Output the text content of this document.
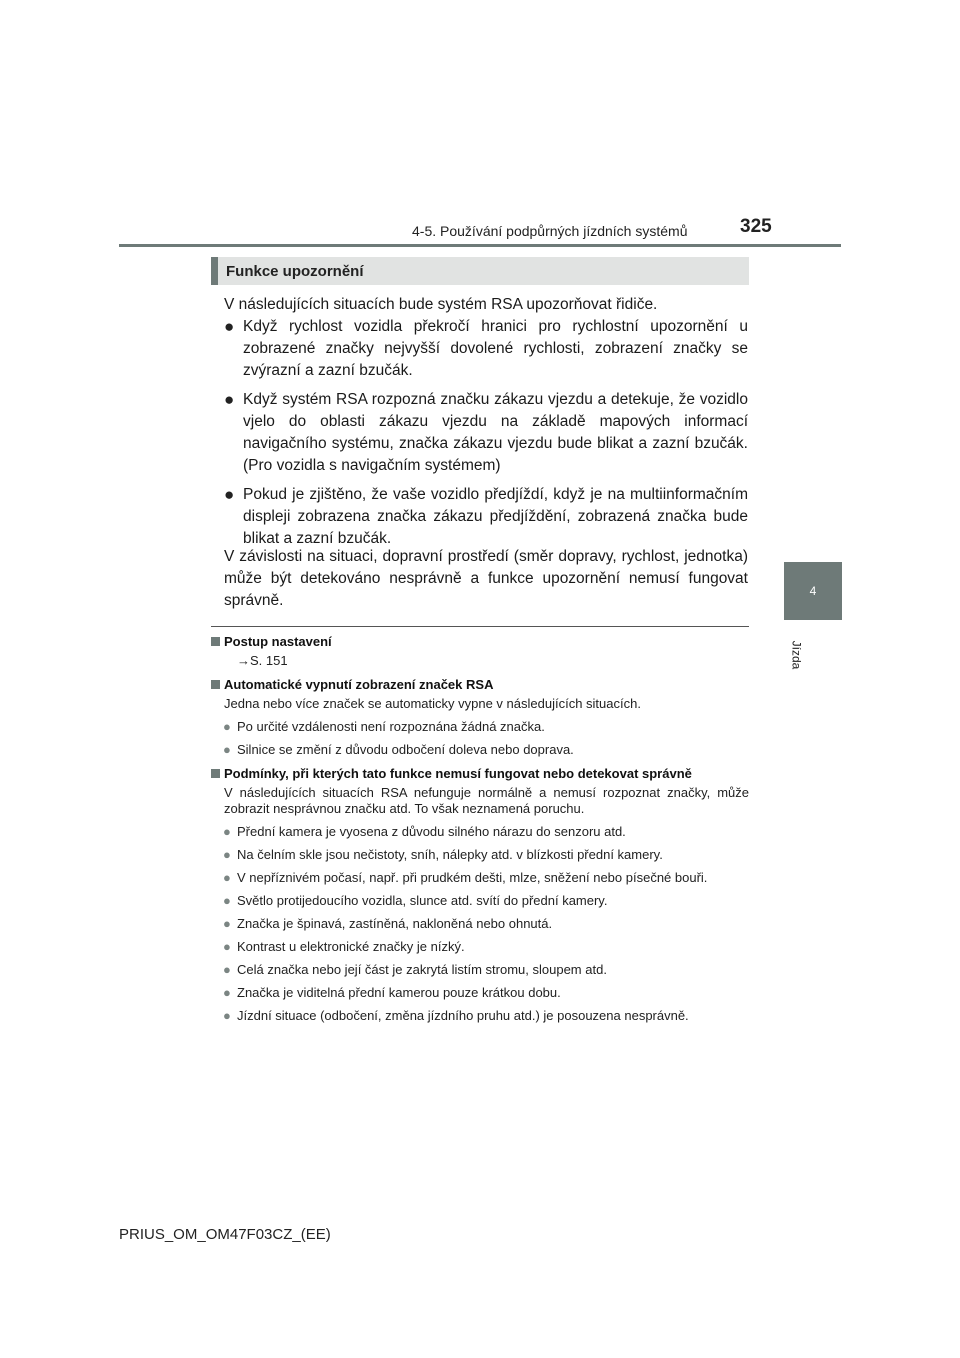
4-5. Používání podpůrných jízdních systémů	325
4
Jízda
Funkce upozornění
V následujících situacích bude systém RSA upozorňovat řidiče.
● Když rychlost vozidla překročí hranici pro rychlostní upozornění u zobrazené značky nejvyšší dovolené rychlosti, zobrazení značky se zvýrazní a zazní bzučák.
● Když systém RSA rozpozná značku zákazu vjezdu a detekuje, že vozidlo vjelo do oblasti zákazu vjezdu na základě mapových informací navigačního systému, značka zákazu vjezdu bude blikat a zazní bzučák. (Pro vozidla s navigačním systémem)
● Pokud je zjištěno, že vaše vozidlo předjíždí, když je na multiinformačním displeji zobrazena značka zákazu předjíždění, zobrazená značka bude blikat a zazní bzučák.
V závislosti na situaci, dopravní prostředí (směr dopravy, rychlost, jednotka) může být detekováno nesprávně a funkce upozornění nemusí fungovat správně.
Postup nastavení
→S. 151
Automatické vypnutí zobrazení značek RSA
Jedna nebo více značek se automaticky vypne v následujících situacích.
● Po určité vzdálenosti není rozpoznána žádná značka.
● Silnice se změní z důvodu odbočení doleva nebo doprava.
Podmínky, při kterých tato funkce nemusí fungovat nebo detekovat správně
V následujících situacích RSA nefunguje normálně a nemusí rozpoznat značky, může zobrazit nesprávnou značku atd. To však neznamená poruchu.
● Přední kamera je vyosena z důvodu silného nárazu do senzoru atd.
● Na čelním skle jsou nečistoty, sníh, nálepky atd. v blízkosti přední kamery.
● V nepříznivém počasí, např. při prudkém dešti, mlze, sněžení nebo písečné bouři.
● Světlo protijedoucího vozidla, slunce atd. svítí do přední kamery.
● Značka je špinavá, zastíněná, nakloněná nebo ohnutá.
● Kontrast u elektronické značky je nízký.
● Celá značka nebo její část je zakrytá listím stromu, sloupem atd.
● Značka je viditelná přední kamerou pouze krátkou dobu.
● Jízdní situace (odbočení, změna jízdního pruhu atd.) je posouzena nesprávně.
PRIUS_OM_OM47F03CZ_(EE)
